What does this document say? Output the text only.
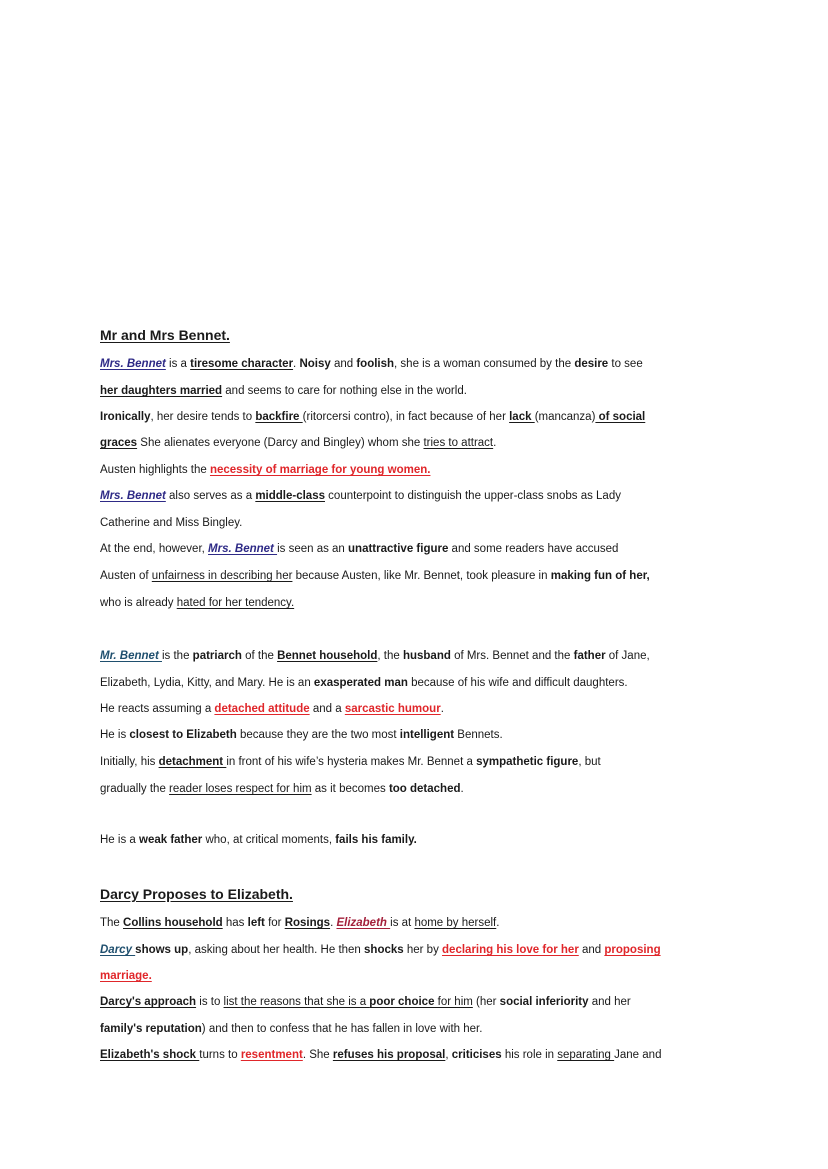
Mr and Mrs Bennet.
Mrs. Bennet is a tiresome character. Noisy and foolish, she is a woman consumed by the desire to see
her daughters married and seems to care for nothing else in the world.
Ironically, her desire tends to backfire (ritorcersi contro), in fact because of her lack (mancanza) of social
graces She alienates everyone (Darcy and Bingley) whom she tries to attract.
Austen highlights the necessity of marriage for young women.
Mrs. Bennet also serves as a middle-class counterpoint to distinguish the upper-class snobs as Lady
Catherine and Miss Bingley.
At the end, however, Mrs. Bennet is seen as an unattractive figure and some readers have accused
Austen of unfairness in describing her because Austen, like Mr. Bennet, took pleasure in making fun of her,
who is already hated for her tendency.
Mr. Bennet is the patriarch of the Bennet household, the husband of Mrs. Bennet and the father of Jane,
Elizabeth, Lydia, Kitty, and Mary. He is an exasperated man because of his wife and difficult daughters.
He reacts assuming a detached attitude and a sarcastic humour.
He is closest to Elizabeth because they are the two most intelligent Bennets.
Initially, his detachment in front of his wife’s hysteria makes Mr. Bennet a sympathetic figure, but
gradually the reader loses respect for him as it becomes too detached.
He is a weak father who, at critical moments, fails his family.
Darcy Proposes to Elizabeth.
The Collins household has left for Rosings. Elizabeth is at home by herself.
Darcy shows up, asking about her health. He then shocks her by declaring his love for her and proposing
marriage.
Darcy's approach is to list the reasons that she is a poor choice for him (her social inferiority and her
family's reputation) and then to confess that he has fallen in love with her.
Elizabeth's shock turns to resentment. She refuses his proposal, criticises his role in separating Jane and
